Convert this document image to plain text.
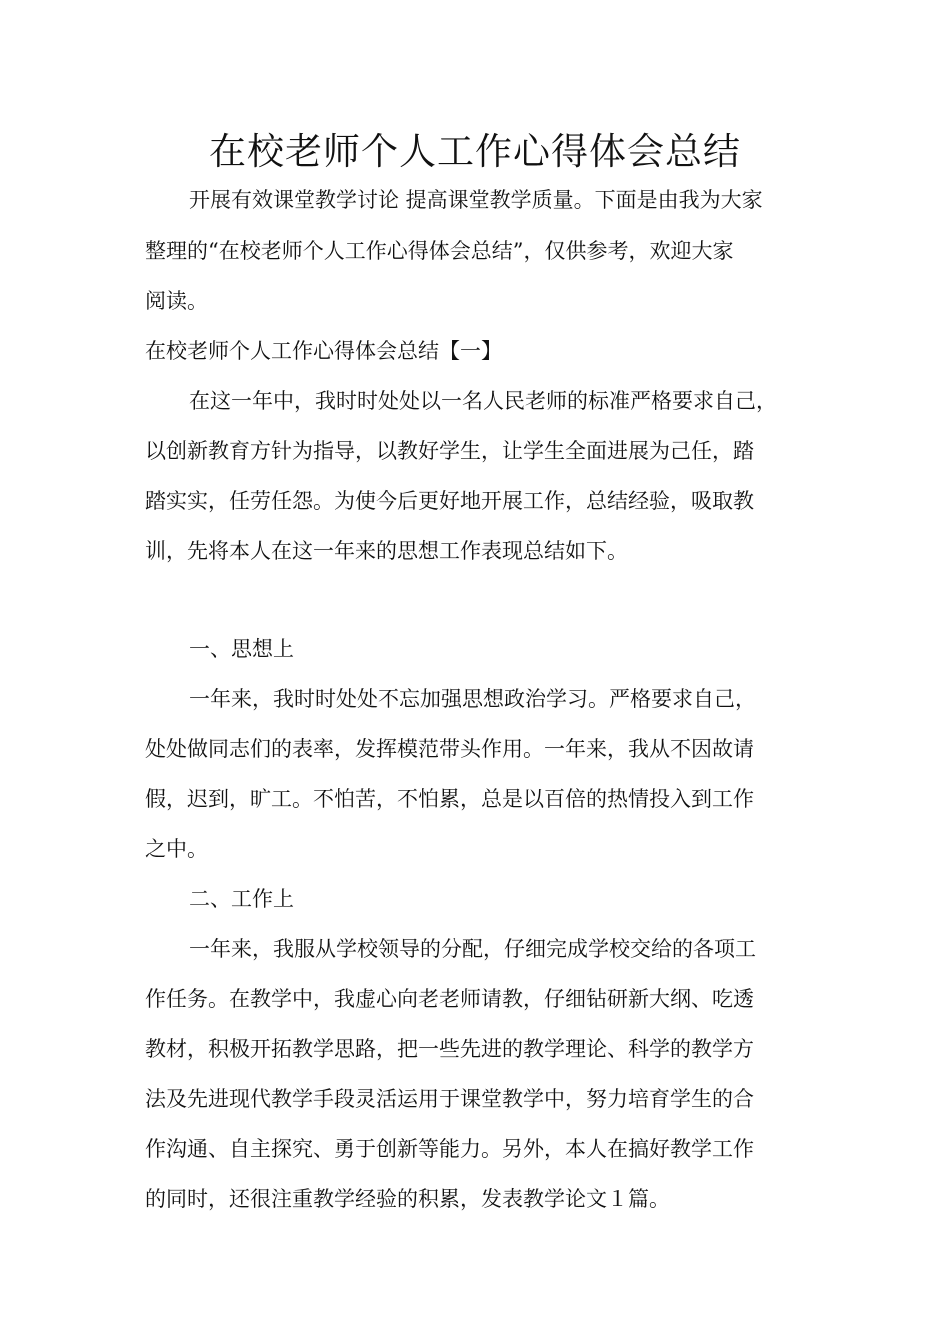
在校老师个人工作心得体会总结
开展有效课堂教学讨论 提高课堂教学质量。下面是由我为大家
整理的“在校老师个人工作心得体会总结”，仅供参考，欢迎大家
阅读。
在校老师个人工作心得体会总结【一】
在这一年中，我时时处处以一名人民老师的标准严格要求自己，
以创新教育方针为指导，以教好学生，让学生全面进展为己任，踏
踏实实，任劳任怨。为使今后更好地开展工作，总结经验，吸取教
训，先将本人在这一年来的思想工作表现总结如下。
一、思想上
一年来，我时时处处不忘加强思想政治学习。严格要求自己，
处处做同志们的表率，发挥模范带头作用。一年来，我从不因故请
假，迟到，旷工。不怕苦，不怕累，总是以百倍的热情投入到工作
之中。
二、工作上
一年来，我服从学校领导的分配，仔细完成学校交给的各项工
作任务。在教学中，我虚心向老老师请教，仔细钻研新大纲、吃透
教材，积极开拓教学思路，把一些先进的教学理论、科学的教学方
法及先进现代教学手段灵活运用于课堂教学中，努力培育学生的合
作沟通、自主探究、勇于创新等能力。另外，本人在搞好教学工作
的同时，还很注重教学经验的积累，发表教学论文１篇。
